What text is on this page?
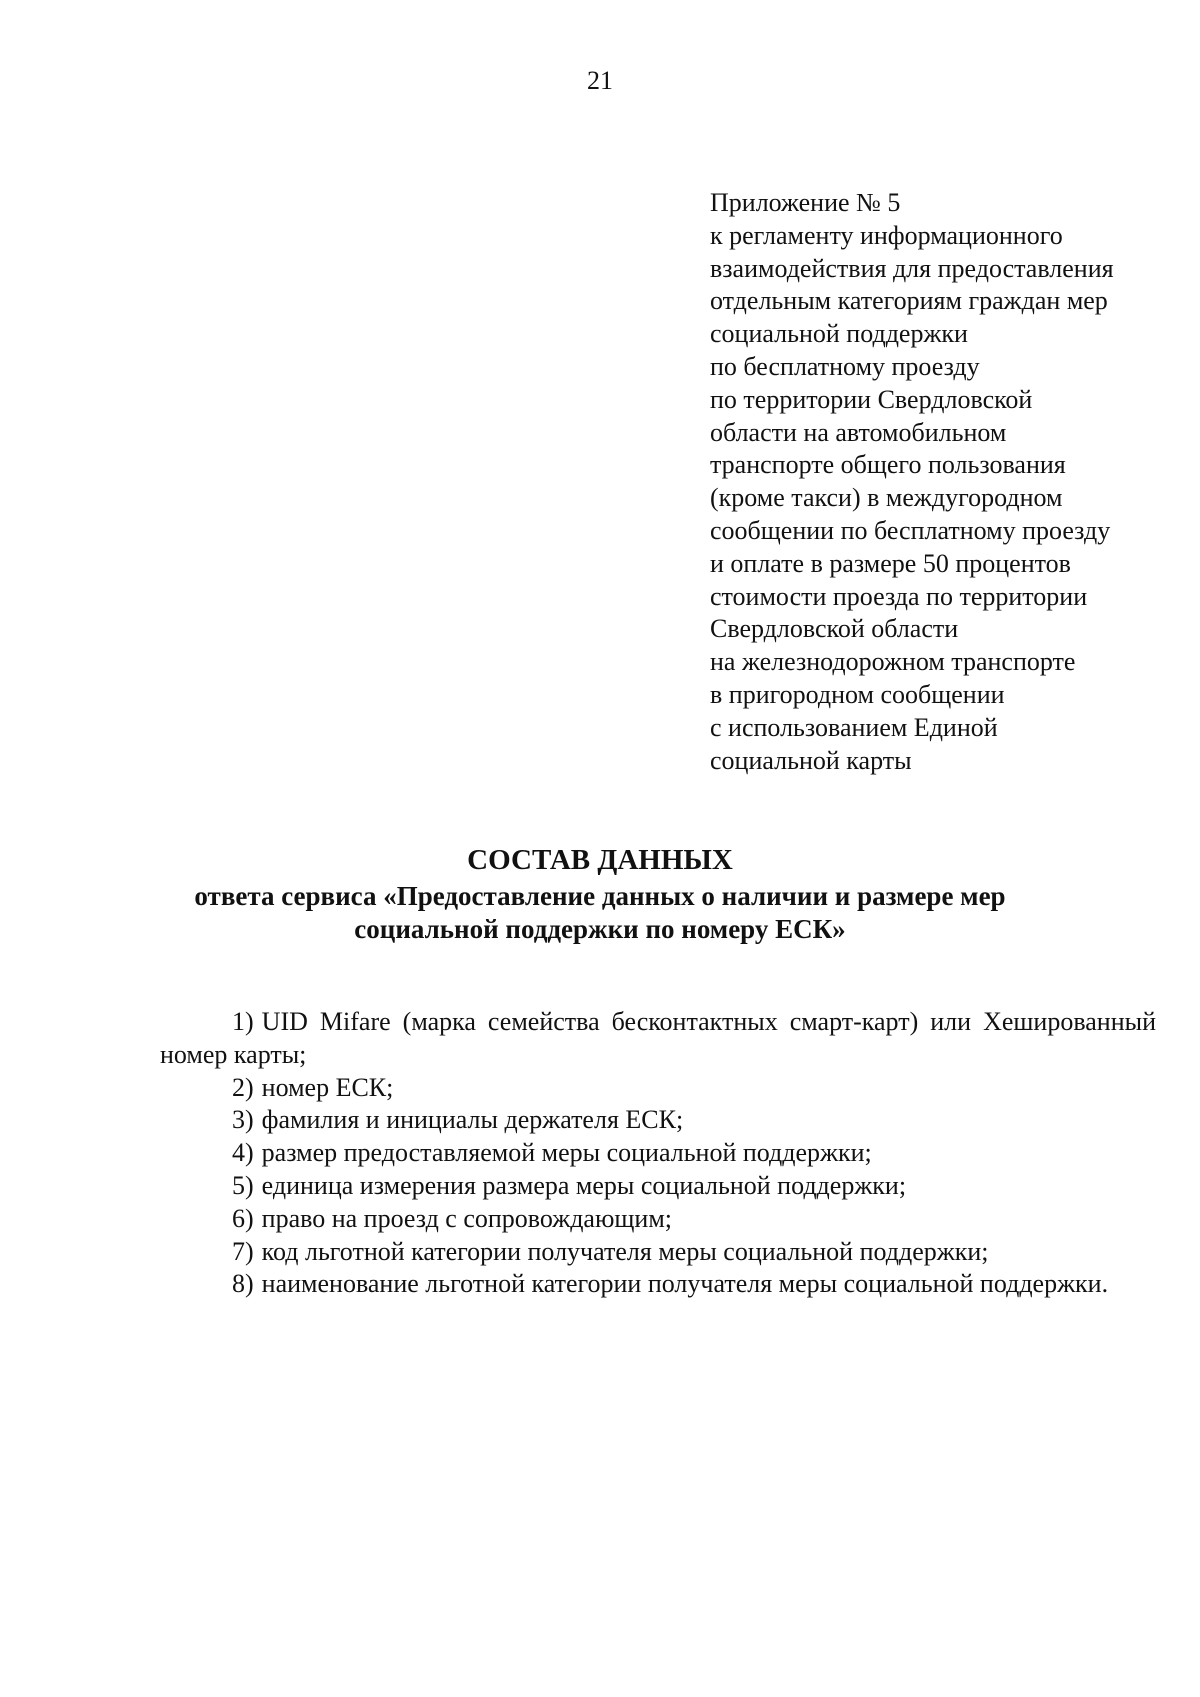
21
Приложение № 5
к регламенту информационного
взаимодействия для предоставления
отдельным категориям граждан мер
социальной поддержки
по бесплатному проезду
по территории Свердловской
области на автомобильном
транспорте общего пользования
(кроме такси) в междугородном
сообщении по бесплатному проезду
и оплате в размере 50 процентов
стоимости проезда по территории
Свердловской области
на железнодорожном транспорте
в пригородном сообщении
с использованием Единой
социальной карты
СОСТАВ ДАННЫХ
ответа сервиса «Предоставление данных о наличии и размере мер
социальной поддержки по номеру ЕСК»

1) UID Mifare (марка семейства бесконтактных смарт-карт) или Хешированный номер карты;

2) номер ЕСК;

3) фамилия и инициалы держателя ЕСК;

4) размер предоставляемой меры социальной поддержки;

5) единица измерения размера меры социальной поддержки;

6) право на проезд с сопровождающим;

7) код льготной категории получателя меры социальной поддержки;

8) наименование льготной категории получателя меры социальной поддержки.
